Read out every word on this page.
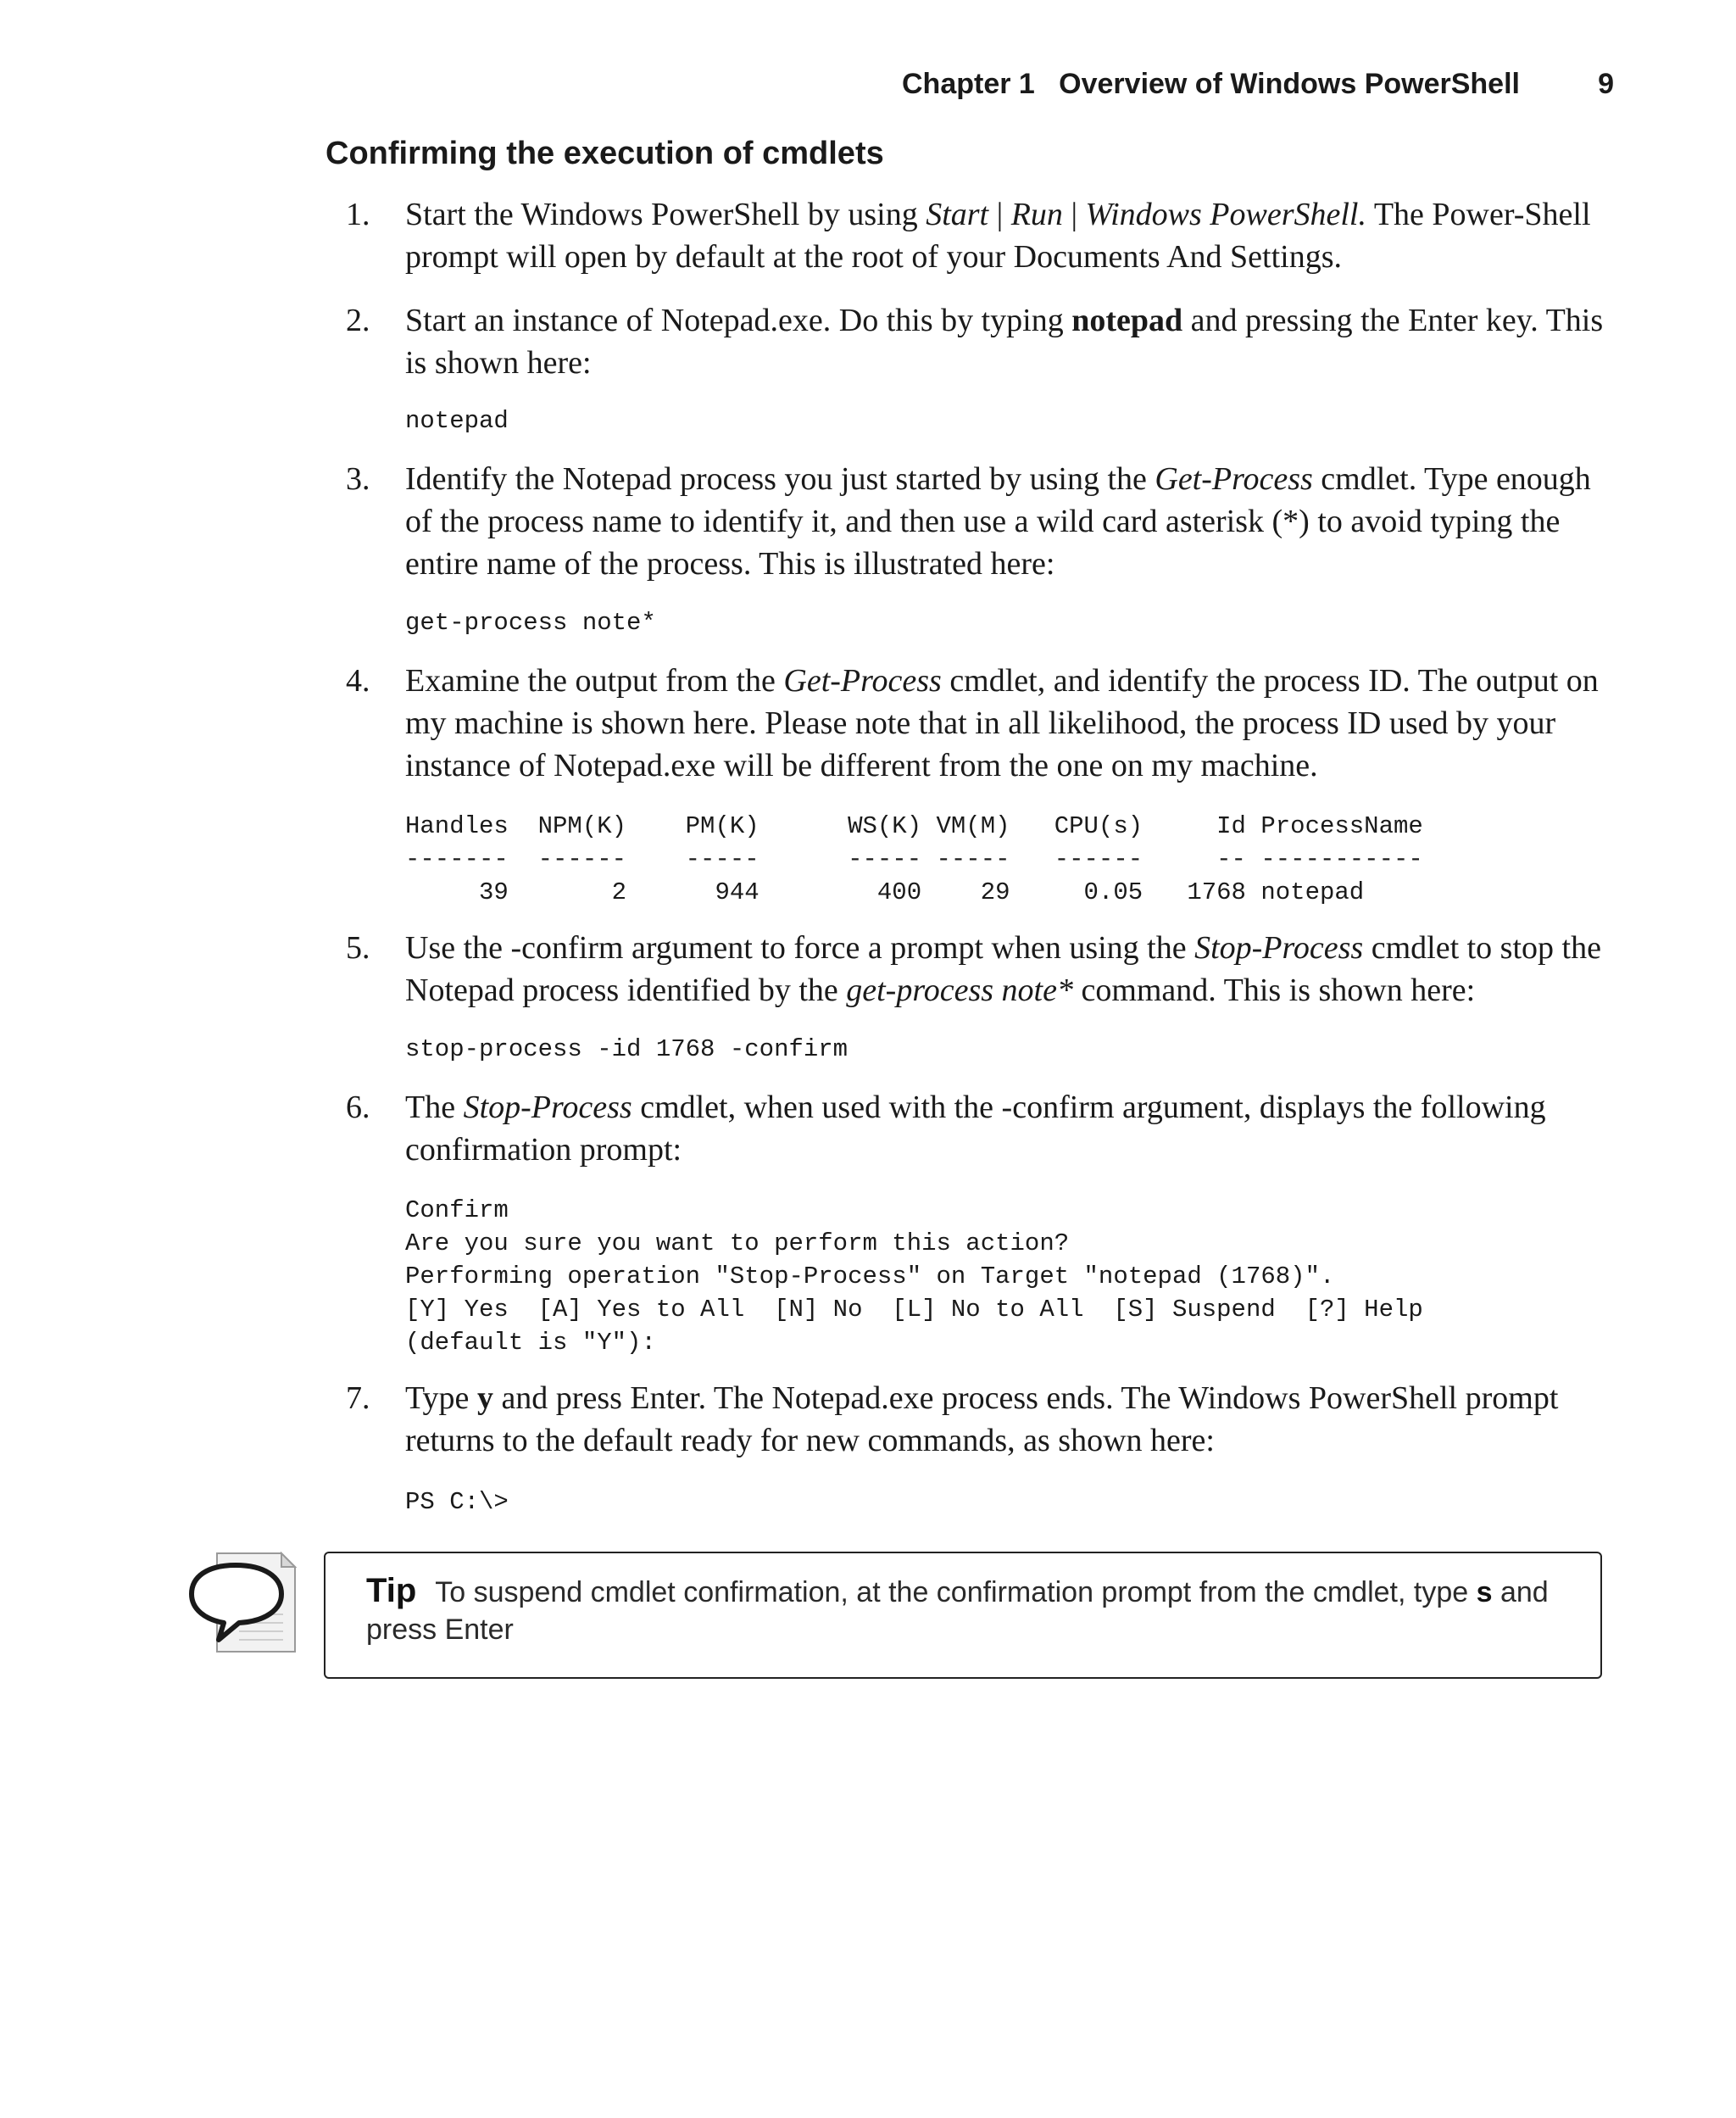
Chapter 1   Overview of Windows PowerShell	9
Confirming the execution of cmdlets
1.	Start the Windows PowerShell by using Start | Run | Windows PowerShell. The Power-Shell prompt will open by default at the root of your Documents And Settings.
2.	Start an instance of Notepad.exe. Do this by typing notepad and pressing the Enter key. This is shown here:
notepad
3.	Identify the Notepad process you just started by using the Get-Process cmdlet. Type enough of the process name to identify it, and then use a wild card asterisk (*) to avoid typing the entire name of the process. This is illustrated here:
get-process note*
4.	Examine the output from the Get-Process cmdlet, and identify the process ID. The output on my machine is shown here. Please note that in all likelihood, the process ID used by your instance of Notepad.exe will be different from the one on my machine.
Handles  NPM(K)    PM(K)      WS(K) VM(M)   CPU(s)     Id ProcessName
-------  ------    -----      ----- -----   ------     -- -----------
39       2      944        400    29     0.05   1768 notepad
5.	Use the -confirm argument to force a prompt when using the Stop-Process cmdlet to stop the Notepad process identified by the get-process note* command. This is shown here:
stop-process -id 1768 -confirm
6.	The Stop-Process cmdlet, when used with the -confirm argument, displays the following confirmation prompt:
Confirm
Are you sure you want to perform this action?
Performing operation "Stop-Process" on Target "notepad (1768)".
[Y] Yes  [A] Yes to All  [N] No  [L] No to All  [S] Suspend  [?] Help
(default is "Y"):
7.	Type y and press Enter. The Notepad.exe process ends. The Windows PowerShell prompt returns to the default ready for new commands, as shown here:
PS C:\>
Tip To suspend cmdlet confirmation, at the confirmation prompt from the cmdlet, type s and press Enter
